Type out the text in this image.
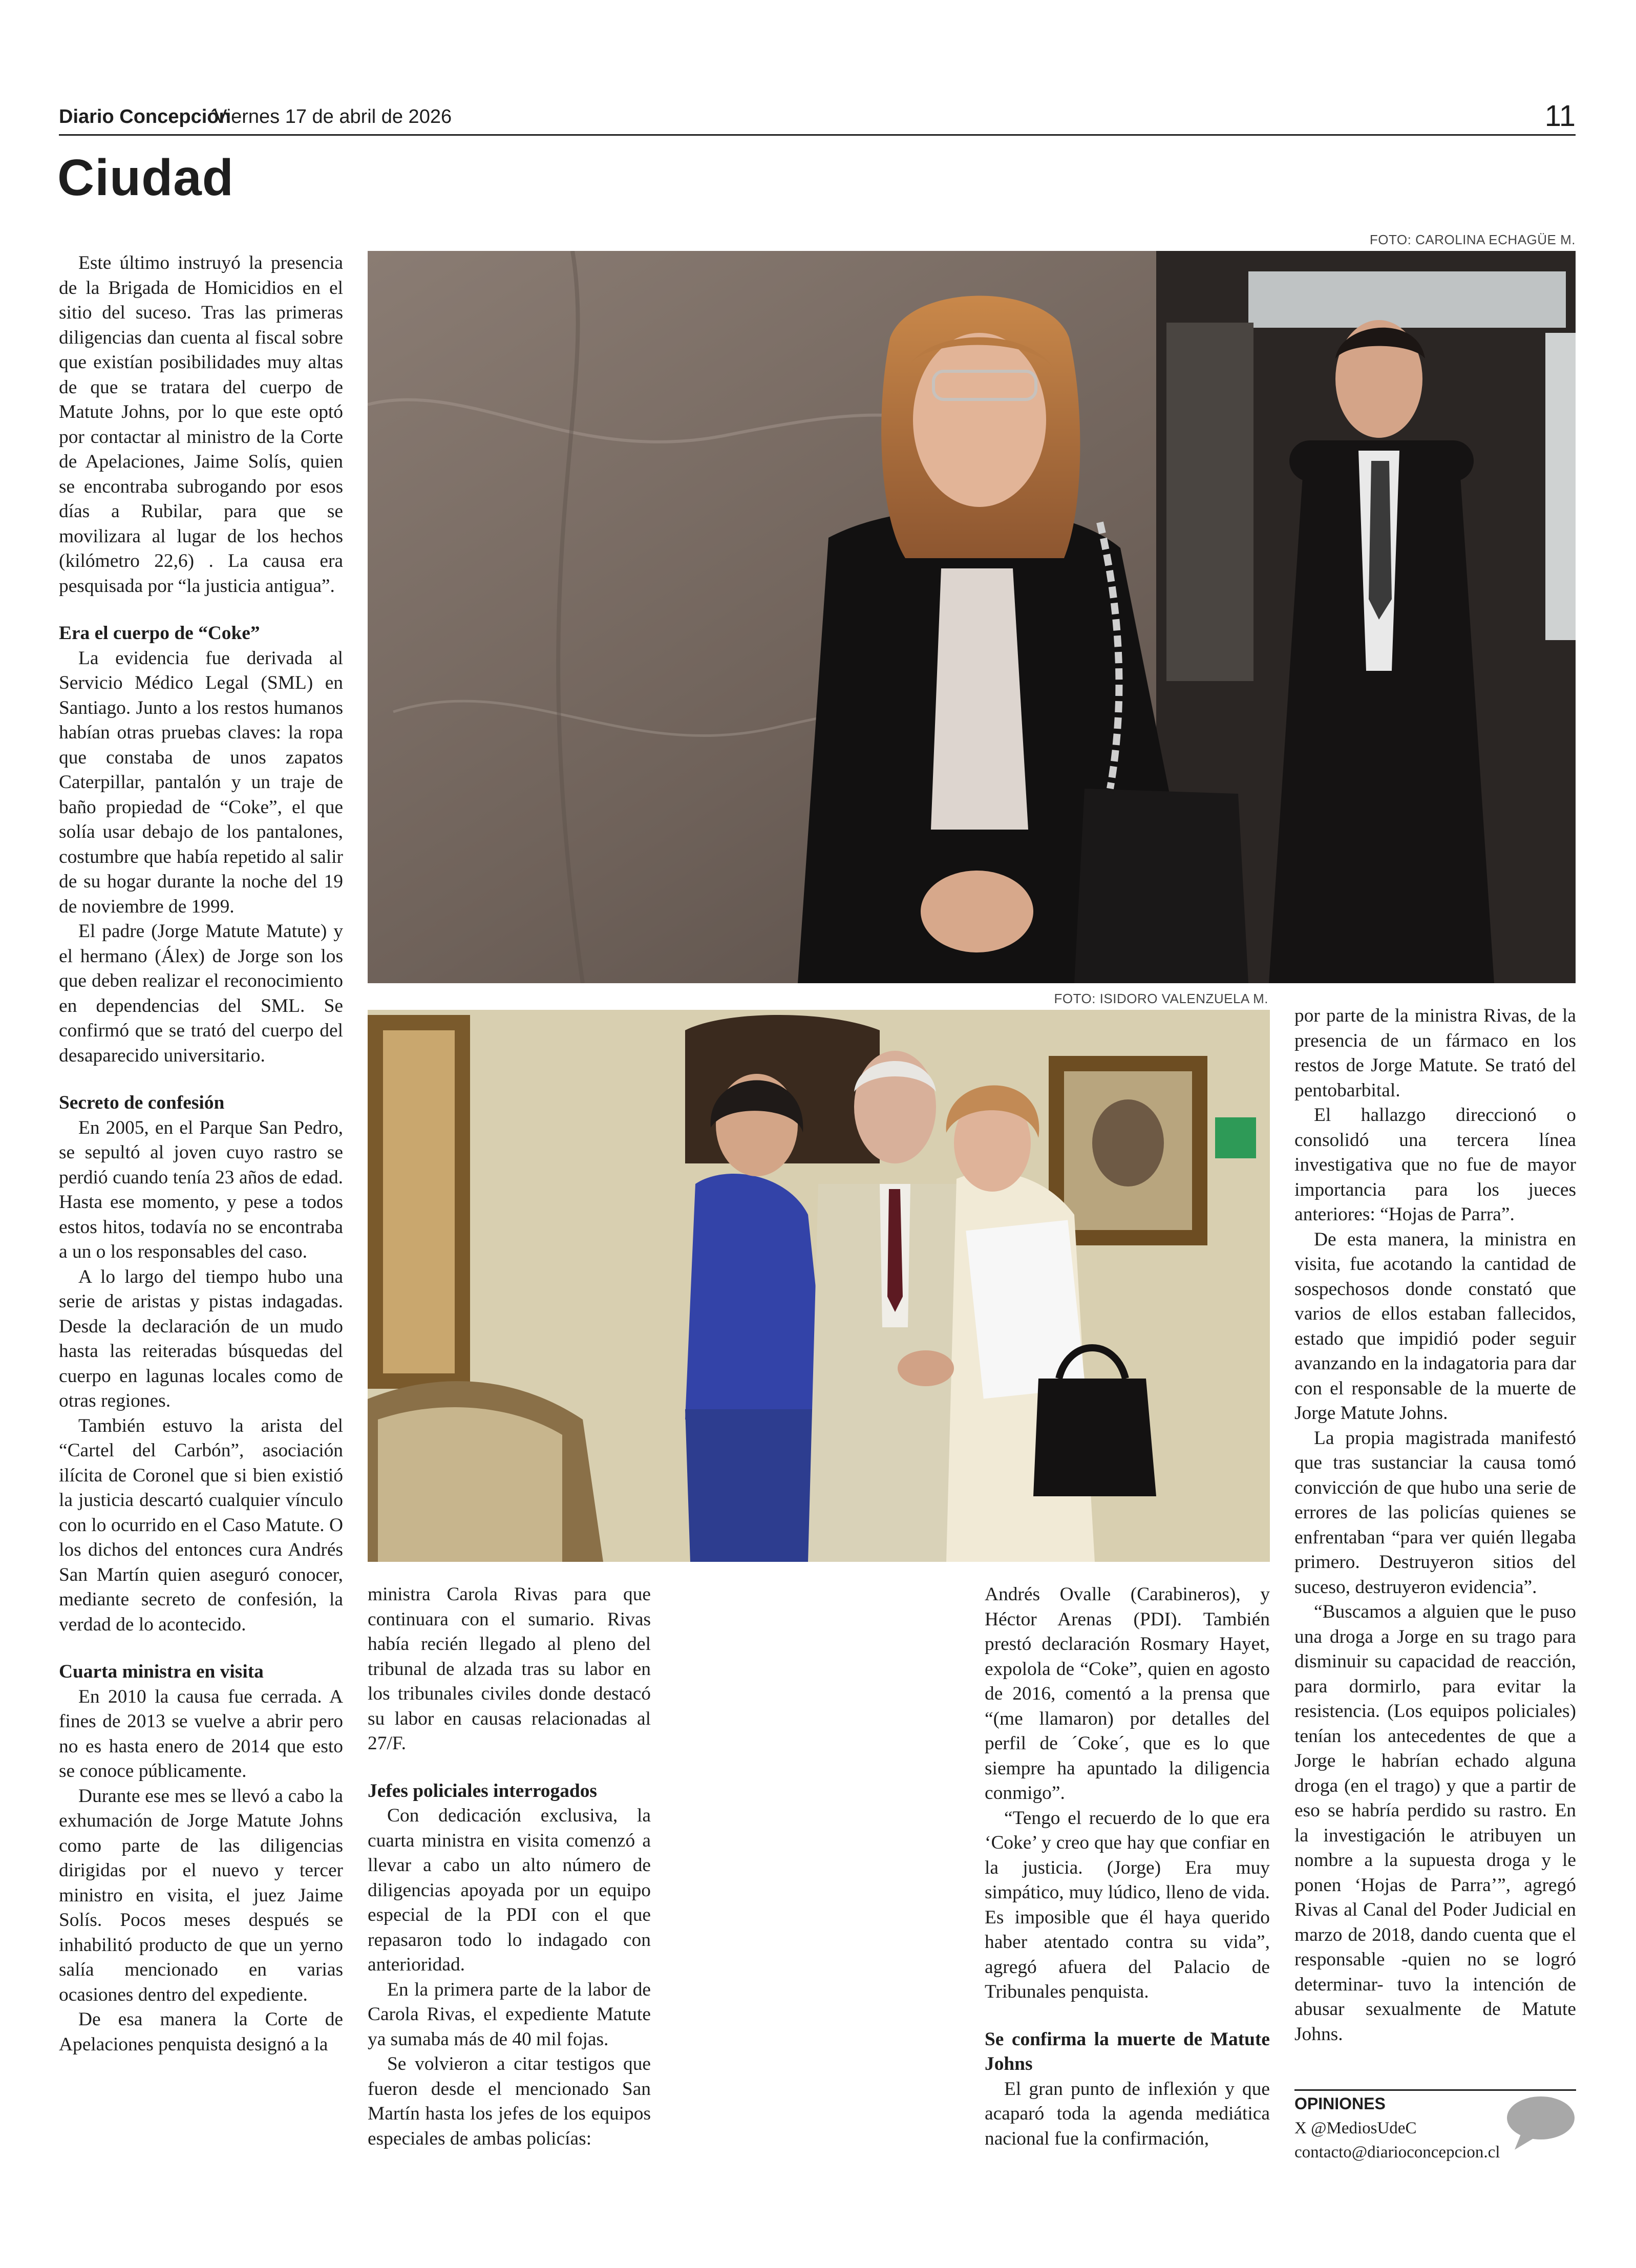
Diario Concepción
Viernes 17 de abril de 2026	11
Ciudad
FOTO: CAROLINA ECHAGÜE M.
FOTO: ISIDORO VALENZUELA M.

Este último instruyó la presencia de la Brigada de Homicidios en el sitio del suceso. Tras las primeras diligencias dan cuenta al fiscal sobre que existían posibilidades muy altas de que se tratara del cuerpo de Matute Johns, por lo que este optó por contactar al ministro de la Corte de Apelaciones, Jaime Solís, quien se encontraba subrogando por esos días a Rubilar, para que se movilizara al lugar de los hechos (kilómetro 22,6) . La causa era pesquisada por “la justicia antigua”.

Era el cuerpo de “Coke”

La evidencia fue derivada al Servicio Médico Legal (SML) en Santiago. Junto a los restos humanos habían otras pruebas claves: la ropa que constaba de unos zapatos Caterpillar, pantalón y un traje de baño propiedad de “Coke”, el que solía usar debajo de los pantalones, costumbre que había repetido al salir de su hogar durante la noche del 19 de noviembre de 1999.

El padre (Jorge Matute Matute) y el hermano (Álex) de Jorge son los que deben realizar el reconocimiento en dependencias del SML. Se confirmó que se trató del cuerpo del desaparecido universitario.

Secreto de confesión

En 2005, en el Parque San Pedro, se sepultó al joven cuyo rastro se perdió cuando tenía 23 años de edad. Hasta ese momento, y pese a todos estos hitos, todavía no se encontraba a un o los responsables del caso.

A lo largo del tiempo hubo una serie de aristas y pistas indagadas. Desde la declaración de un mudo hasta las reiteradas búsquedas del cuerpo en lagunas locales como de otras regiones.

También estuvo la arista del “Cartel del Carbón”, asociación ilícita de Coronel que si bien existió la justicia descartó cualquier vínculo con lo ocurrido en el Caso Matute. O los dichos del entonces cura Andrés San Martín quien aseguró conocer, mediante secreto de confesión, la verdad de lo acontecido.

Cuarta ministra en visita

En 2010 la causa fue cerrada. A fines de 2013 se vuelve a abrir pero no es hasta enero de 2014 que esto se conoce públicamente.

Durante ese mes se llevó a cabo la exhumación de Jorge Matute Johns como parte de las diligencias dirigidas por el nuevo y tercer ministro en visita, el juez Jaime Solís. Pocos meses después se inhabilitó producto de que un yerno salía mencionado en varias ocasiones dentro del expediente.

De esa manera la Corte de Apelaciones penquista designó a la

ministra Carola Rivas para que continuara con el sumario. Rivas había recién llegado al pleno del tribunal de alzada tras su labor en los tribunales civiles donde destacó su labor en causas relacionadas al 27/F.

Jefes policiales interrogados

Con dedicación exclusiva, la cuarta ministra en visita comenzó a llevar a cabo un alto número de diligencias apoyada por un equipo especial de la PDI con el que repasaron todo lo indagado con anterioridad.

En la primera parte de la labor de Carola Rivas, el expediente Matute ya sumaba más de 40 mil fojas.

Se volvieron a citar testigos que fueron desde el mencionado San Martín hasta los jefes de los equipos especiales de ambas policías:

Andrés Ovalle (Carabineros), y Héctor Arenas (PDI). También prestó declaración Rosmary Hayet, expolola de “Coke”, quien en agosto de 2016, comentó a la prensa que “(me llamaron) por detalles del perfil de ´Coke´, que es lo que siempre ha apuntado la diligencia conmigo”.

“Tengo el recuerdo de lo que era ‘Coke’ y creo que hay que confiar en la justicia. (Jorge) Era muy simpático, muy lúdico, lleno de vida. Es imposible que él haya querido haber atentado contra su vida”, agregó afuera del Palacio de Tribunales penquista.

Se confirma la muerte de Matute Johns

El gran punto de inflexión y que acaparó toda la agenda mediática nacional fue la confirmación,

por parte de la ministra Rivas, de la presencia de un fármaco en los restos de Jorge Matute. Se trató del pentobarbital.

El hallazgo direccionó o consolidó una tercera línea investigativa que no fue de mayor importancia para los jueces anteriores: “Hojas de Parra”.

De esta manera, la ministra en visita, fue acotando la cantidad de sospechosos donde constató que varios de ellos estaban fallecidos, estado que impidió poder seguir avanzando en la indagatoria para dar con el responsable de la muerte de Jorge Matute Johns.

La propia magistrada manifestó que tras sustanciar la causa tomó convicción de que hubo una serie de errores de las policías quienes se enfrentaban “para ver quién llegaba primero. Destruyeron sitios del suceso, destruyeron evidencia”.

“Buscamos a alguien que le puso una droga a Jorge en su trago para disminuir su capacidad de reacción, para dormirlo, para evitar la resistencia. (Los equipos policiales) tenían los antecedentes de que a Jorge le habrían echado alguna droga (en el trago) y que a partir de eso se habría perdido su rastro. En la investigación le atribuyen un nombre a la supuesta droga y le ponen ‘Hojas de Parra’”, agregó Rivas al Canal del Poder Judicial en marzo de 2018, dando cuenta que el responsable -quien no se logró determinar- tuvo la intención de abusar sexualmente de Matute Johns.

OPINIONES
X @MediosUdeC
contacto@diarioconcepcion.cl
